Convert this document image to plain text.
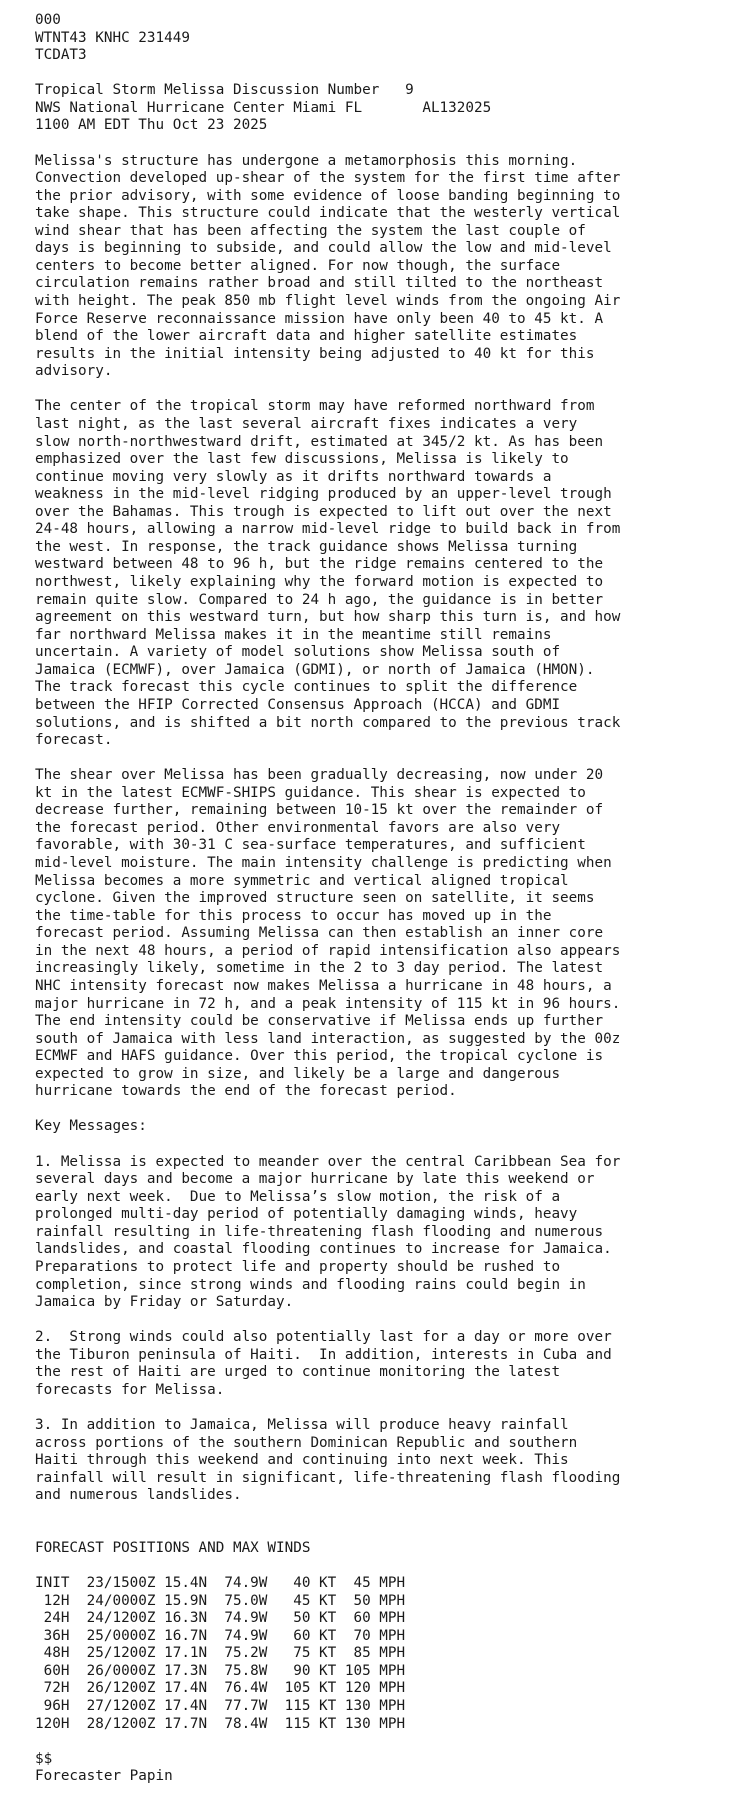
000
WTNT43 KNHC 231449
TCDAT3
Tropical Storm Melissa Discussion Number   9
NWS National Hurricane Center Miami FL       AL132025
1100 AM EDT Thu Oct 23 2025
Melissa's structure has undergone a metamorphosis this morning.
Convection developed up-shear of the system for the first time after
the prior advisory, with some evidence of loose banding beginning to
take shape. This structure could indicate that the westerly vertical
wind shear that has been affecting the system the last couple of
days is beginning to subside, and could allow the low and mid-level
centers to become better aligned. For now though, the surface
circulation remains rather broad and still tilted to the northeast
with height. The peak 850 mb flight level winds from the ongoing Air
Force Reserve reconnaissance mission have only been 40 to 45 kt. A
blend of the lower aircraft data and higher satellite estimates
results in the initial intensity being adjusted to 40 kt for this
advisory.
The center of the tropical storm may have reformed northward from
last night, as the last several aircraft fixes indicates a very
slow north-northwestward drift, estimated at 345/2 kt. As has been
emphasized over the last few discussions, Melissa is likely to
continue moving very slowly as it drifts northward towards a
weakness in the mid-level ridging produced by an upper-level trough
over the Bahamas. This trough is expected to lift out over the next
24-48 hours, allowing a narrow mid-level ridge to build back in from
the west. In response, the track guidance shows Melissa turning
westward between 48 to 96 h, but the ridge remains centered to the
northwest, likely explaining why the forward motion is expected to
remain quite slow. Compared to 24 h ago, the guidance is in better
agreement on this westward turn, but how sharp this turn is, and how
far northward Melissa makes it in the meantime still remains
uncertain. A variety of model solutions show Melissa south of
Jamaica (ECMWF), over Jamaica (GDMI), or north of Jamaica (HMON).
The track forecast this cycle continues to split the difference
between the HFIP Corrected Consensus Approach (HCCA) and GDMI
solutions, and is shifted a bit north compared to the previous track
forecast.
The shear over Melissa has been gradually decreasing, now under 20
kt in the latest ECMWF-SHIPS guidance. This shear is expected to
decrease further, remaining between 10-15 kt over the remainder of
the forecast period. Other environmental favors are also very
favorable, with 30-31 C sea-surface temperatures, and sufficient
mid-level moisture. The main intensity challenge is predicting when
Melissa becomes a more symmetric and vertical aligned tropical
cyclone. Given the improved structure seen on satellite, it seems
the time-table for this process to occur has moved up in the
forecast period. Assuming Melissa can then establish an inner core
in the next 48 hours, a period of rapid intensification also appears
increasingly likely, sometime in the 2 to 3 day period. The latest
NHC intensity forecast now makes Melissa a hurricane in 48 hours, a
major hurricane in 72 h, and a peak intensity of 115 kt in 96 hours.
The end intensity could be conservative if Melissa ends up further
south of Jamaica with less land interaction, as suggested by the 00z
ECMWF and HAFS guidance. Over this period, the tropical cyclone is
expected to grow in size, and likely be a large and dangerous
hurricane towards the end of the forecast period.
Key Messages:
1. Melissa is expected to meander over the central Caribbean Sea for
several days and become a major hurricane by late this weekend or
early next week.  Due to Melissa’s slow motion, the risk of a
prolonged multi-day period of potentially damaging winds, heavy
rainfall resulting in life-threatening flash flooding and numerous
landslides, and coastal flooding continues to increase for Jamaica.
Preparations to protect life and property should be rushed to
completion, since strong winds and flooding rains could begin in
Jamaica by Friday or Saturday.
2.  Strong winds could also potentially last for a day or more over
the Tiburon peninsula of Haiti.  In addition, interests in Cuba and
the rest of Haiti are urged to continue monitoring the latest
forecasts for Melissa.
3. In addition to Jamaica, Melissa will produce heavy rainfall
across portions of the southern Dominican Republic and southern
Haiti through this weekend and continuing into next week. This
rainfall will result in significant, life-threatening flash flooding
and numerous landslides.
FORECAST POSITIONS AND MAX WINDS
INIT  23/1500Z 15.4N  74.9W   40 KT  45 MPH
12H  24/0000Z 15.9N  75.0W   45 KT  50 MPH
24H  24/1200Z 16.3N  74.9W   50 KT  60 MPH
36H  25/0000Z 16.7N  74.9W   60 KT  70 MPH
48H  25/1200Z 17.1N  75.2W   75 KT  85 MPH
60H  26/0000Z 17.3N  75.8W   90 KT 105 MPH
72H  26/1200Z 17.4N  76.4W  105 KT 120 MPH
96H  27/1200Z 17.4N  77.7W  115 KT 130 MPH
120H  28/1200Z 17.7N  78.4W  115 KT 130 MPH
$$
Forecaster Papin
